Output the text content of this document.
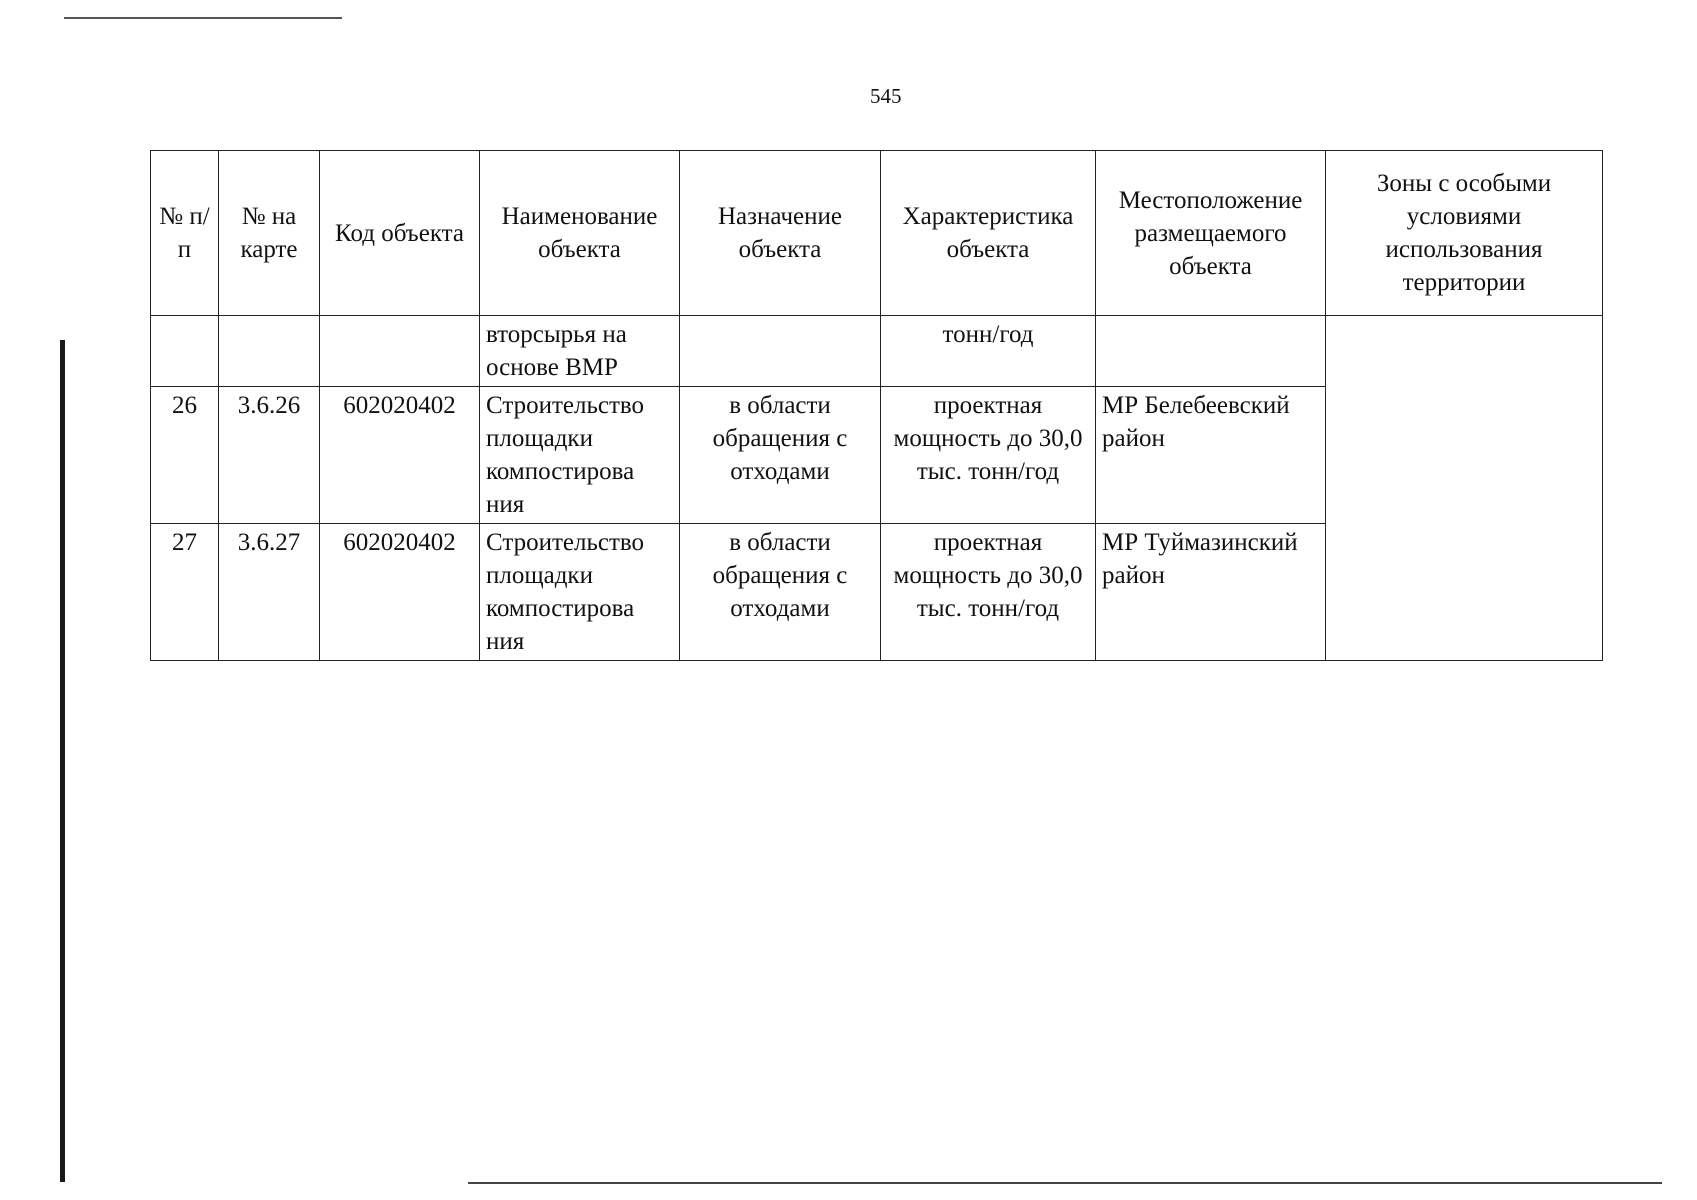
545
№ п/п	№ на карте	Код объекта	Наименование объекта	Назначение объекта	Характеристика объекта	Местоположение размещаемого объекта	Зоны с особыми условиями использования территории
			вторсырья на основе ВМР		тонн/год		
26	3.6.26	602020402	Строительство площадки компостирова ния	в области обращения с отходами	проектная мощность до 30,0 тыс. тонн/год	МР Белебеевский район	
27	3.6.27	602020402	Строительство площадки компостирова ния	в области обращения с отходами	проектная мощность до 30,0 тыс. тонн/год	МР Туймазинский район	
